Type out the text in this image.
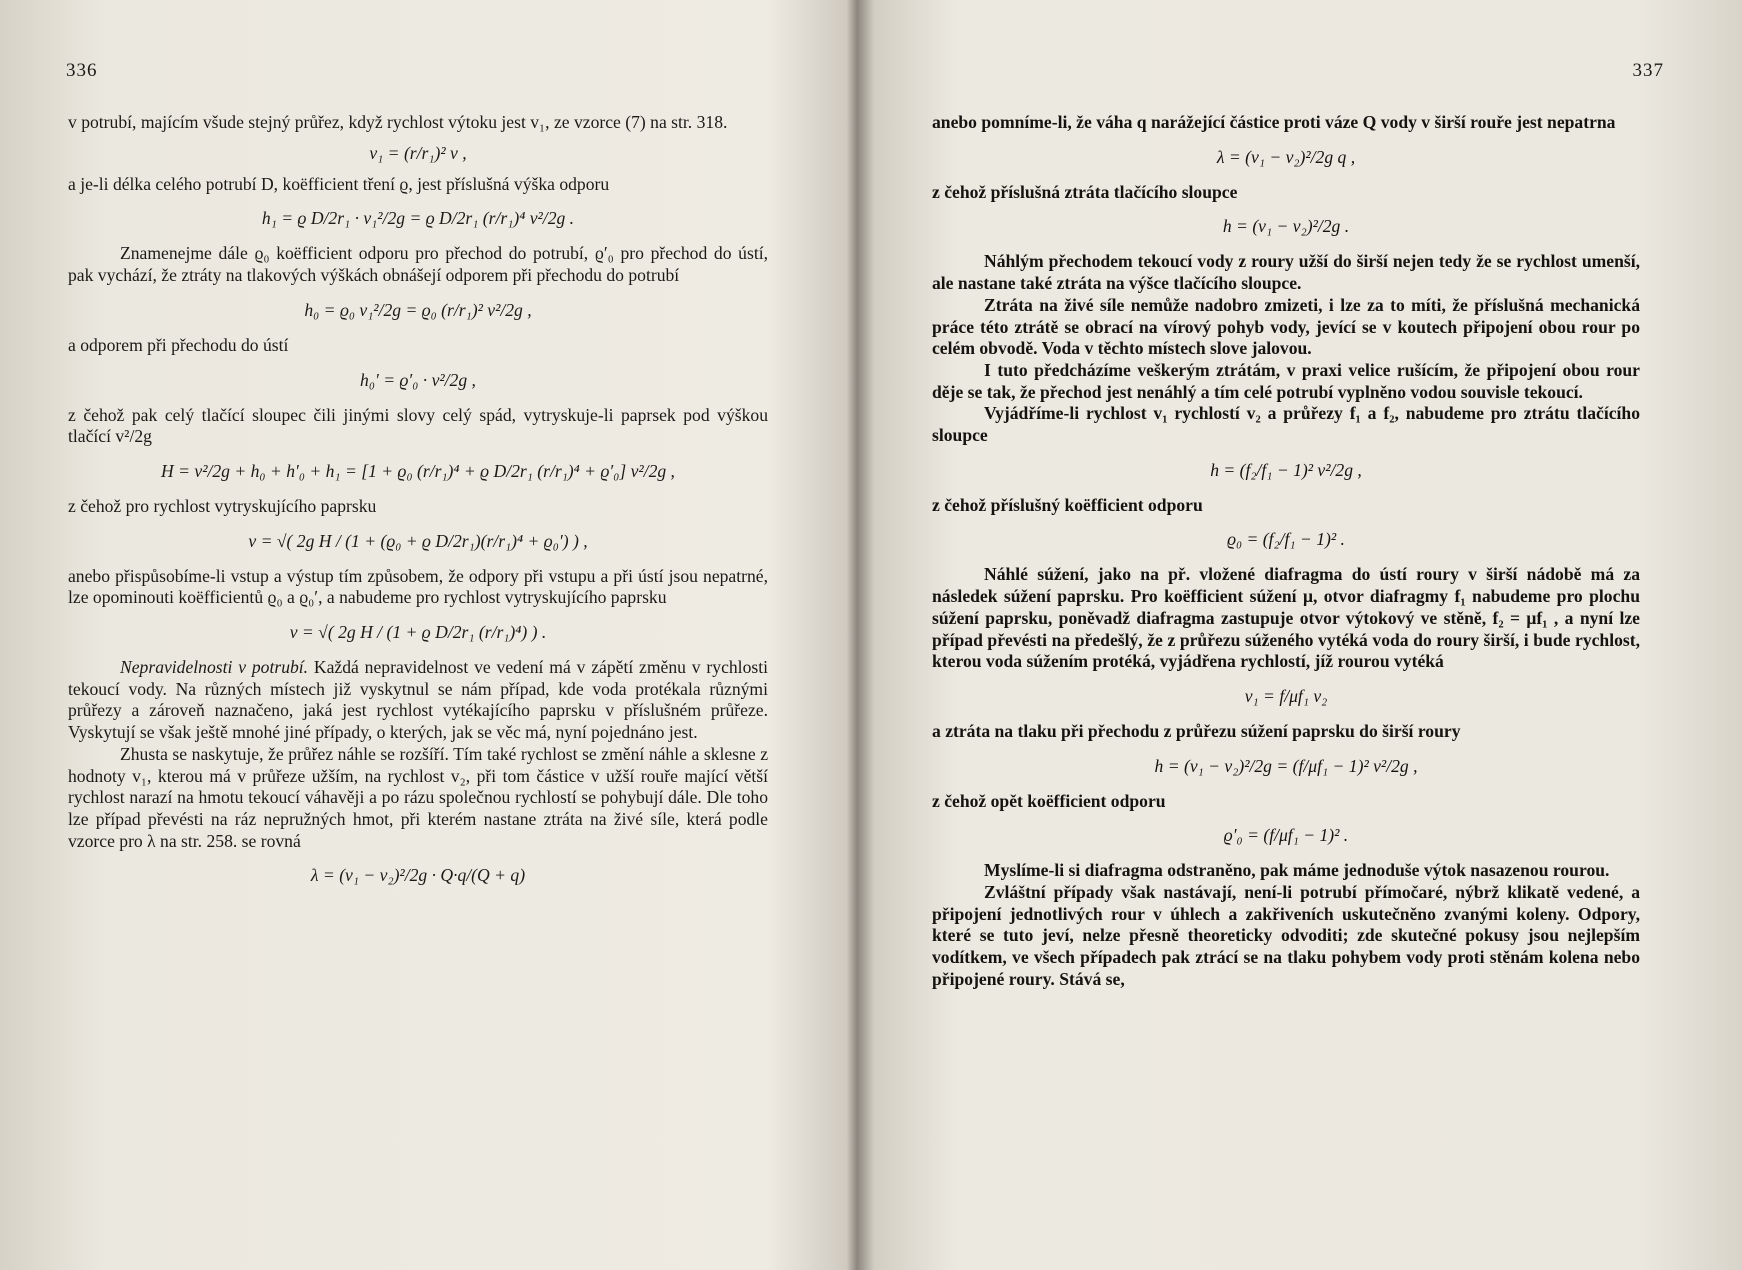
336

v potrubí, majícím všude stejný průřez, když rychlost výtoku jest v₁, ze vzorce (7) na str. 318.

v₁ = (r/r₁)² v ,

a je-li délka celého potrubí D, koëfficient tření ϱ, jest příslušná výška odporu

h₁ = ϱ D/2r₁ · v₁²/2g = ϱ D/2r₁ (r/r₁)⁴ v²/2g .

Znamenejme dále ϱ₀ koëfficient odporu pro přechod do potrubí, ϱ′₀ pro přechod do ústí, pak vychází, že ztráty na tlakových výškách obnášejí odporem při přechodu do potrubí

h₀ = ϱ₀ v₁²/2g = ϱ₀ (r/r₁)² v²/2g ,

a odporem při přechodu do ústí

h₀′ = ϱ′₀ · v²/2g ,

z čehož pak celý tlačící sloupec čili jinými slovy celý spád, vytryskuje-li paprsek pod výškou tlačící v²/2g

H = v²/2g + h₀ + h′₀ + h₁ = [1 + ϱ₀ (r/r₁)⁴ + ϱ D/2r₁ (r/r₁)⁴ + ϱ′₀] v²/2g ,

z čehož pro rychlost vytryskujícího paprsku

v = √( 2g H / (1 + (ϱ₀ + ϱ D/2r₁)(r/r₁)⁴ + ϱ₀′) ) ,

anebo přispůsobíme-li vstup a výstup tím způsobem, že odpory při vstupu a při ústí jsou nepatrné, lze opominouti koëfficientů ϱ₀ a ϱ₀′, a nabudeme pro rychlost vytryskujícího paprsku

v = √( 2g H / (1 + ϱ D/2r₁ (r/r₁)⁴) ) .

Nepravidelnosti v potrubí. Každá nepravidelnost ve vedení má v zápětí změnu v rychlosti tekoucí vody. Na různých místech již vyskytnul se nám případ, kde voda protékala různými průřezy a zároveň naznačeno, jaká jest rychlost vytékajícího paprsku v příslušném průřeze. Vyskytují se však ještě mnohé jiné případy, o kterých, jak se věc má, nyní pojednáno jest.

Zhusta se naskytuje, že průřez náhle se rozšíří. Tím také rychlost se změní náhle a sklesne z hodnoty v₁, kterou má v průřeze užším, na rychlost v₂, při tom částice v užší rouře mající větší rychlost narazí na hmotu tekoucí váhavěji a po rázu společnou rychlostí se pohybují dále. Dle toho lze případ převésti na ráz nepružných hmot, při kterém nastane ztráta na živé síle, která podle vzorce pro λ na str. 258. se rovná

λ = (v₁ − v₂)²/2g · Q·q/(Q + q)
337

anebo pomníme-li, že váha q narážející částice proti váze Q vody v širší rouře jest nepatrna

λ = (v₁ − v₂)²/2g q ,

z čehož příslušná ztráta tlačícího sloupce

h = (v₁ − v₂)²/2g .

Náhlým přechodem tekoucí vody z roury užší do širší nejen tedy že se rychlost umenší, ale nastane také ztráta na výšce tlačícího sloupce.

Ztráta na živé síle nemůže nadobro zmizeti, i lze za to míti, že příslušná mechanická práce této ztrátě se obrací na vírový pohyb vody, jevící se v koutech připojení obou rour po celém obvodě. Voda v těchto místech slove jalovou.

I tuto předcházíme veškerým ztrátám, v praxi velice rušícím, že připojení obou rour děje se tak, že přechod jest nenáhlý a tím celé potrubí vyplněno vodou souvisle tekoucí.

Vyjádříme-li rychlost v₁ rychlostí v₂ a průřezy f₁ a f₂, nabudeme pro ztrátu tlačícího sloupce

h = (f₂/f₁ − 1)² v²/2g ,

z čehož příslušný koëfficient odporu

ϱ₀ = (f₂/f₁ − 1)² .

Náhlé súžení, jako na př. vložené diafragma do ústí roury v širší nádobě má za následek súžení paprsku. Pro koëfficient súžení μ, otvor diafragmy f₁ nabudeme pro plochu súžení paprsku, poněvadž diafragma zastupuje otvor výtokový ve stěně, f₂ = μf₁ , a nyní lze případ převésti na předešlý, že z průřezu súženého vytéká voda do roury širší, i bude rychlost, kterou voda súžením protéká, vyjádřena rychlostí, jíž rourou vytéká

v₁ = f/μf₁ v₂

a ztráta na tlaku při přechodu z průřezu súžení paprsku do širší roury

h = (v₁ − v₂)²/2g = (f/μf₁ − 1)² v²/2g ,

z čehož opět koëfficient odporu

ϱ′₀ = (f/μf₁ − 1)² .

Myslíme-li si diafragma odstraněno, pak máme jednoduše výtok nasazenou rourou.

Zvláštní případy však nastávají, není-li potrubí přímočaré, nýbrž klikatě vedené, a připojení jednotlivých rour v úhlech a zakřiveních uskutečněno zvanými koleny. Odpory, které se tuto jeví, nelze přesně theoreticky odvoditi; zde skutečné pokusy jsou nejlepším vodítkem, ve všech případech pak ztrácí se na tlaku pohybem vody proti stěnám kolena nebo připojené roury. Stává se,
